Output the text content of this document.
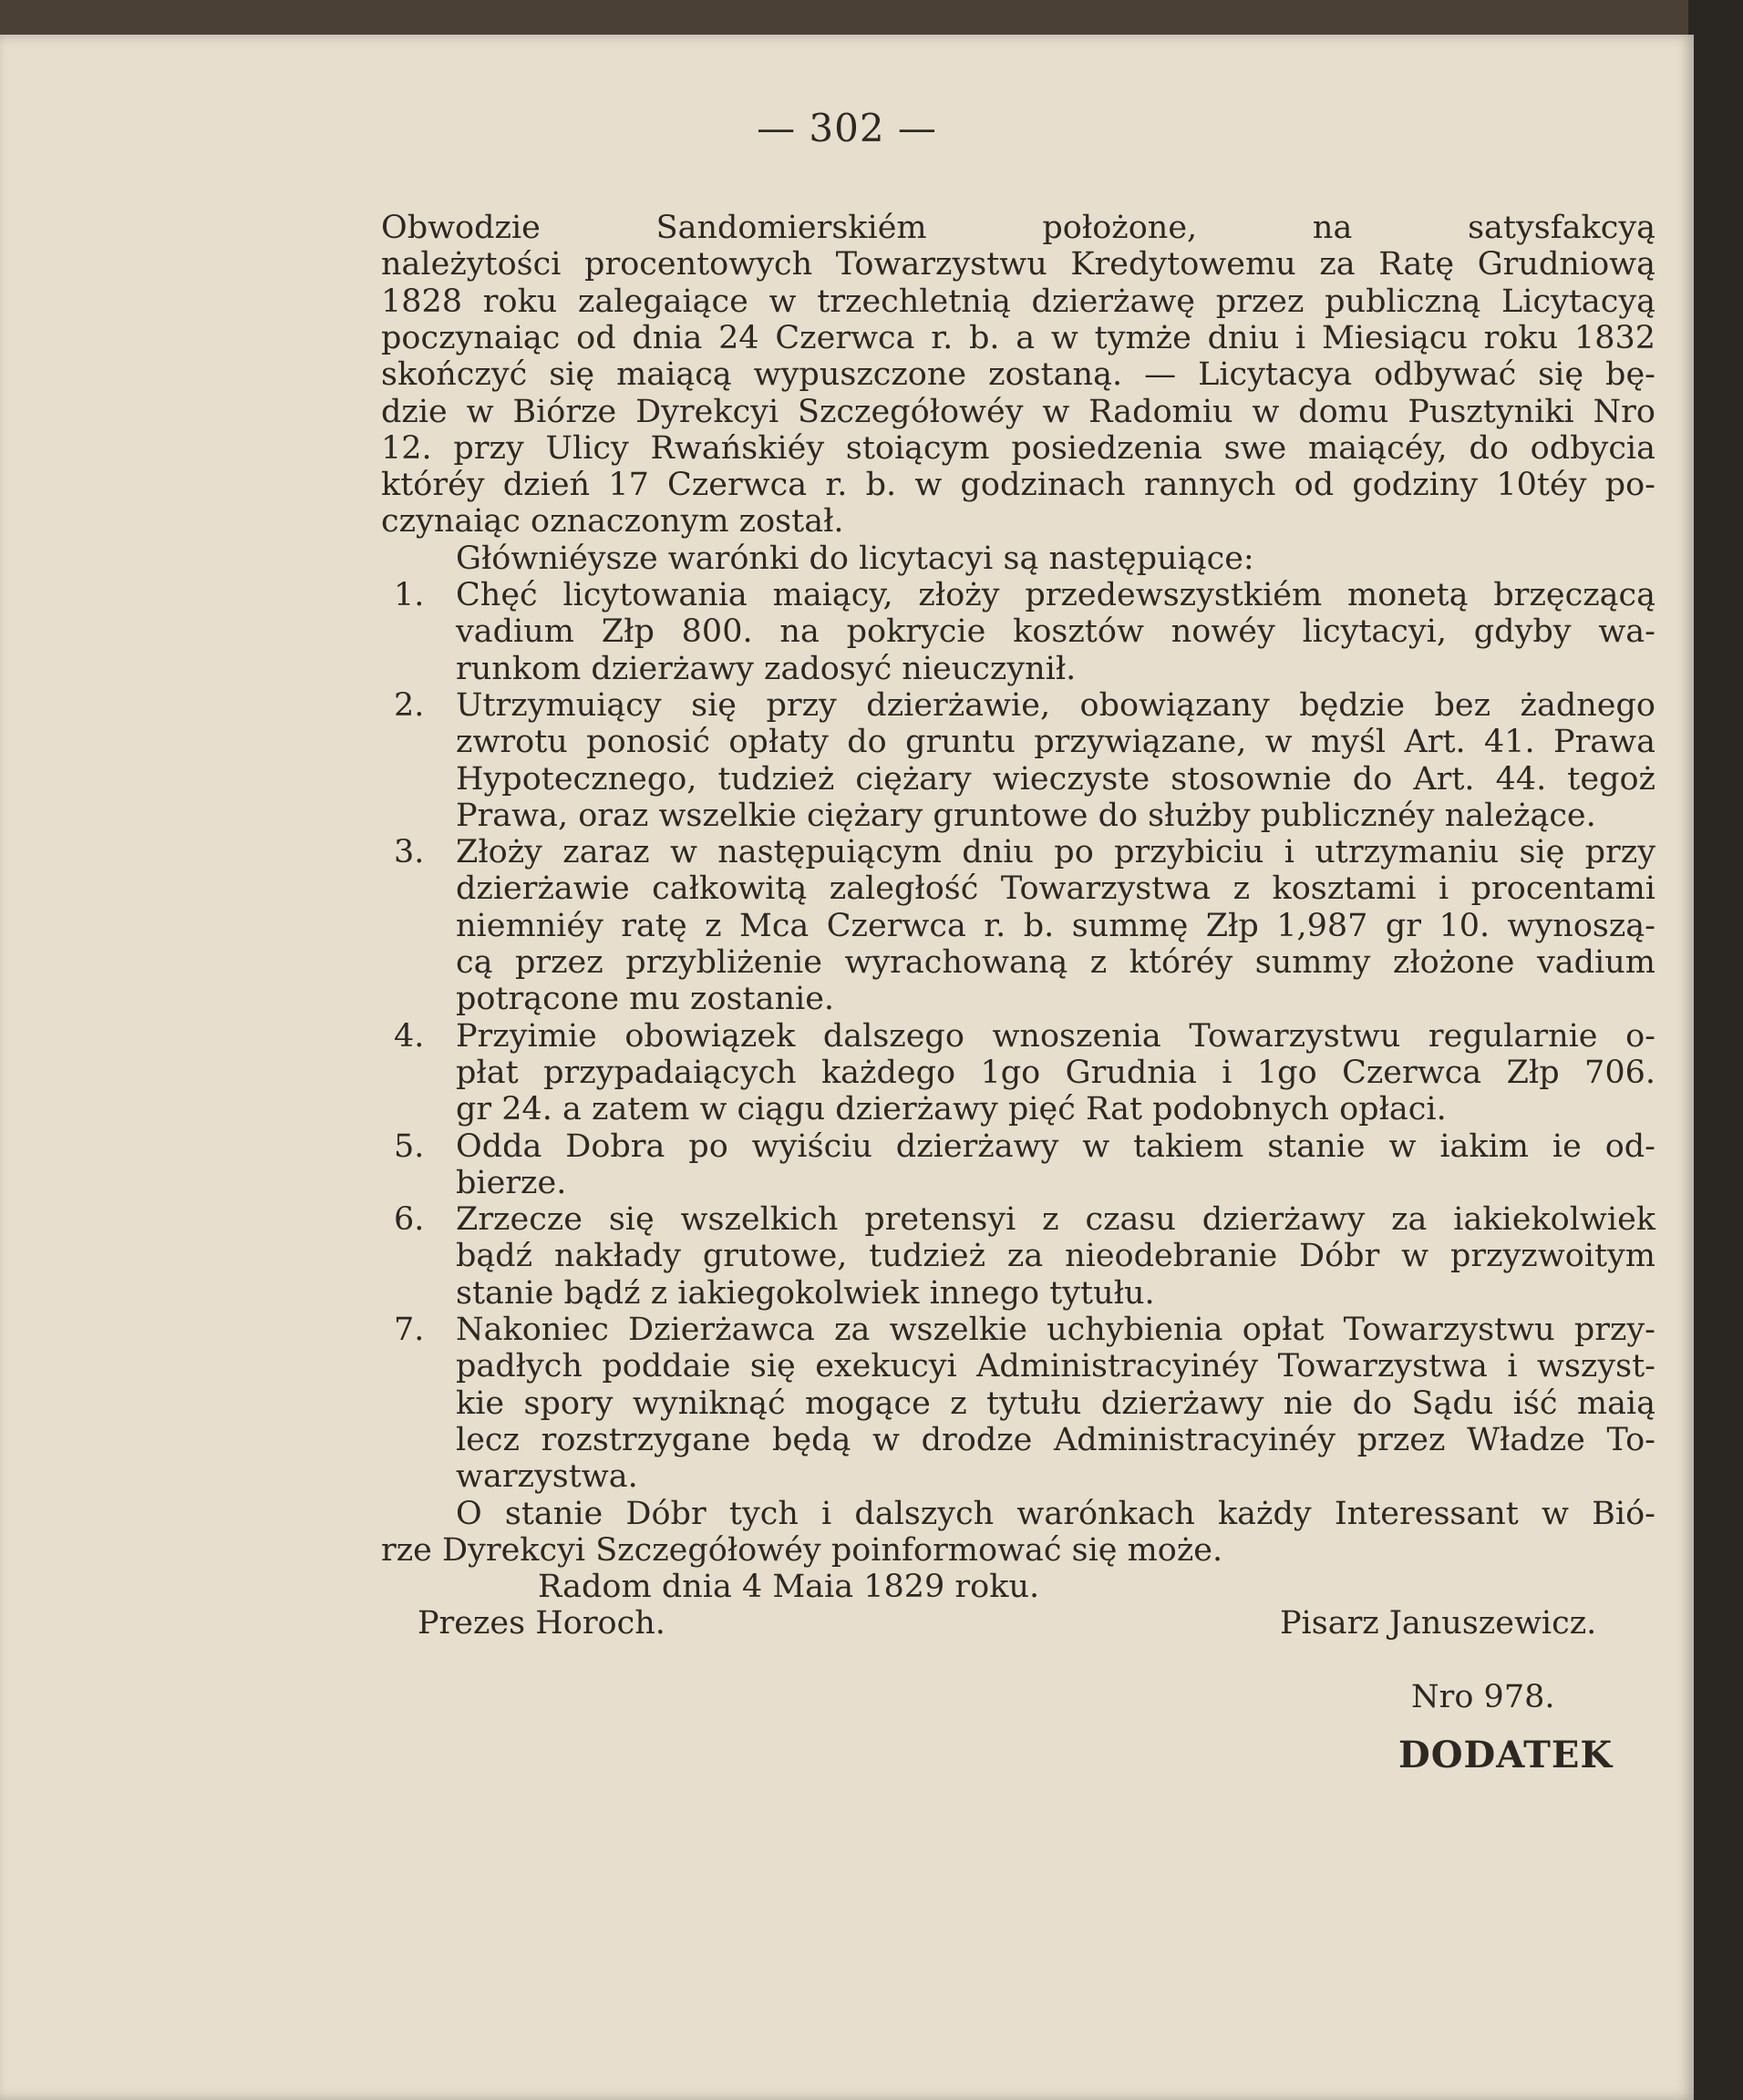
— 302 —
Obwodzie Sandomierskiém położone, na satysfakcyą
należytości procentowych Towarzystwu Kredytowemu za Ratę Grudniową
1828 roku zalegaiące w trzechletnią dzierżawę przez publiczną Licytacyą
poczynaiąc od dnia 24 Czerwca r. b. a w tymże dniu i Miesiącu roku 1832
skończyć się maiącą wypuszczone zostaną. — Licytacya odbywać się bę-
dzie w Biórze Dyrekcyi Szczegółowéy w Radomiu w domu Pusztyniki Nro
12. przy Ulicy Rwańskiéy stoiącym posiedzenia swe maiącéy, do odbycia
któréy dzień 17 Czerwca r. b. w godzinach rannych od godziny 10téy po-
czynaiąc oznaczonym został.
Główniéysze warónki do licytacyi są następuiące:
1. Chęć licytowania maiący, złoży przedewszystkiém monetą brzęczącą
vadium Złp 800. na pokrycie kosztów nowéy licytacyi, gdyby wa-
runkom dzierżawy zadosyć nieuczynił.
2. Utrzymuiący się przy dzierżawie, obowiązany będzie bez żadnego
zwrotu ponosić opłaty do gruntu przywiązane, w myśl Art. 41. Prawa
Hypotecznego, tudzież ciężary wieczyste stosownie do Art. 44. tegoż
Prawa, oraz wszelkie ciężary gruntowe do służby publicznéy należące.
3. Złoży zaraz w następuiącym dniu po przybiciu i utrzymaniu się przy
dzierżawie całkowitą zaległość Towarzystwa z kosztami i procentami
niemniéy ratę z Mca Czerwca r. b. summę Złp 1,987 gr 10. wynoszą-
cą przez przybliżenie wyrachowaną z któréy summy złożone vadium
potrącone mu zostanie.
4. Przyimie obowiązek dalszego wnoszenia Towarzystwu regularnie o-
płat przypadaiących każdego 1go Grudnia i 1go Czerwca Złp 706.
gr 24. a zatem w ciągu dzierżawy pięć Rat podobnych opłaci.
5. Odda Dobra po wyiściu dzierżawy w takiem stanie w iakim ie od-
bierze.
6. Zrzecze się wszelkich pretensyi z czasu dzierżawy za iakiekolwiek
bądź nakłady grutowe, tudzież za nieodebranie Dóbr w przyzwoitym
stanie bądź z iakiegokolwiek innego tytułu.
7. Nakoniec Dzierżawca za wszelkie uchybienia opłat Towarzystwu przy-
padłych poddaie się exekucyi Administracyinéy Towarzystwa i wszyst-
kie spory wyniknąć mogące z tytułu dzierżawy nie do Sądu iść maią
lecz rozstrzygane będą w drodze Administracyinéy przez Władze To-
warzystwa.
O stanie Dóbr tych i dalszych warónkach każdy Interessant w Bió-
rze Dyrekcyi Szczegółowéy poinformować się może.
Radom dnia 4 Maia 1829 roku.
Prezes Horoch.	Pisarz Januszewicz.
Nro 978.
DODATEK
